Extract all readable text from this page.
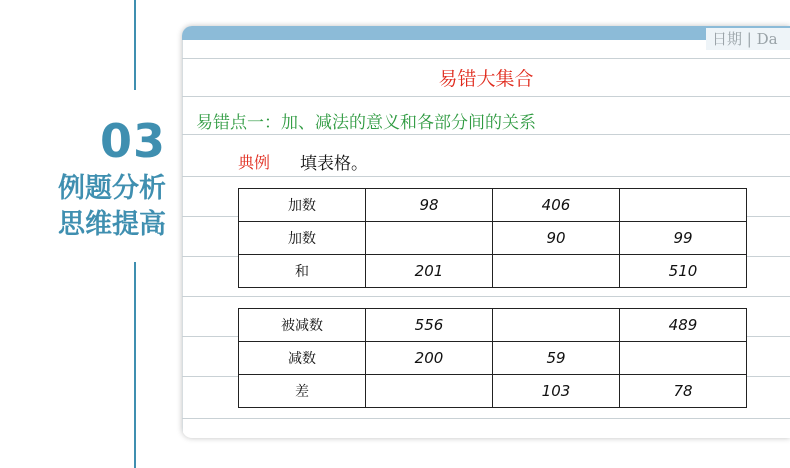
03
例题分析
思维提高
日期 | Da
易错大集合
易错点一：加、减法的意义和各部分间的关系
典例 填表格。
加数	98	406	
加数		90	99
和	201		510
被减数	556		489
减数	200	59	
差		103	78
